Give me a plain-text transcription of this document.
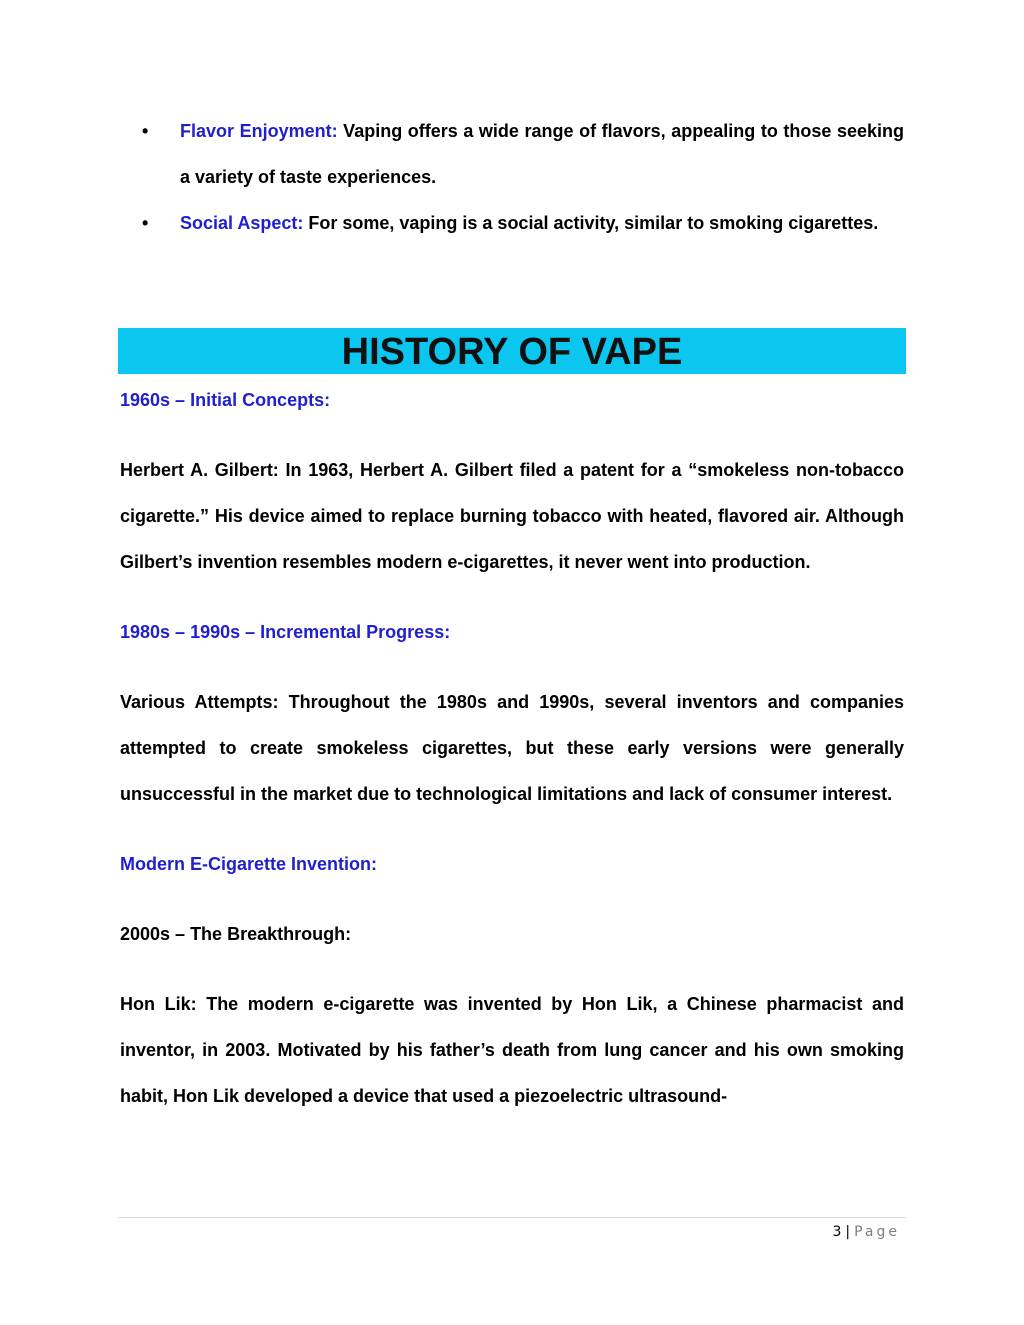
• Flavor Enjoyment: Vaping offers a wide range of flavors, appealing to those seeking a variety of taste experiences.
• Social Aspect: For some, vaping is a social activity, similar to smoking cigarettes.
HISTORY OF VAPE

1960s – Initial Concepts:

Herbert A. Gilbert: In 1963, Herbert A. Gilbert filed a patent for a “smokeless non-tobacco cigarette.” His device aimed to replace burning tobacco with heated, flavored air. Although Gilbert’s invention resembles modern e-cigarettes, it never went into production.

1980s – 1990s – Incremental Progress:

Various Attempts: Throughout the 1980s and 1990s, several inventors and companies attempted to create smokeless cigarettes, but these early versions were generally unsuccessful in the market due to technological limitations and lack of consumer interest.

Modern E-Cigarette Invention:

2000s – The Breakthrough:

Hon Lik: The modern e-cigarette was invented by Hon Lik, a Chinese pharmacist and inventor, in 2003. Motivated by his father’s death from lung cancer and his own smoking habit, Hon Lik developed a device that used a piezoelectric ultrasound-

3 | Page
